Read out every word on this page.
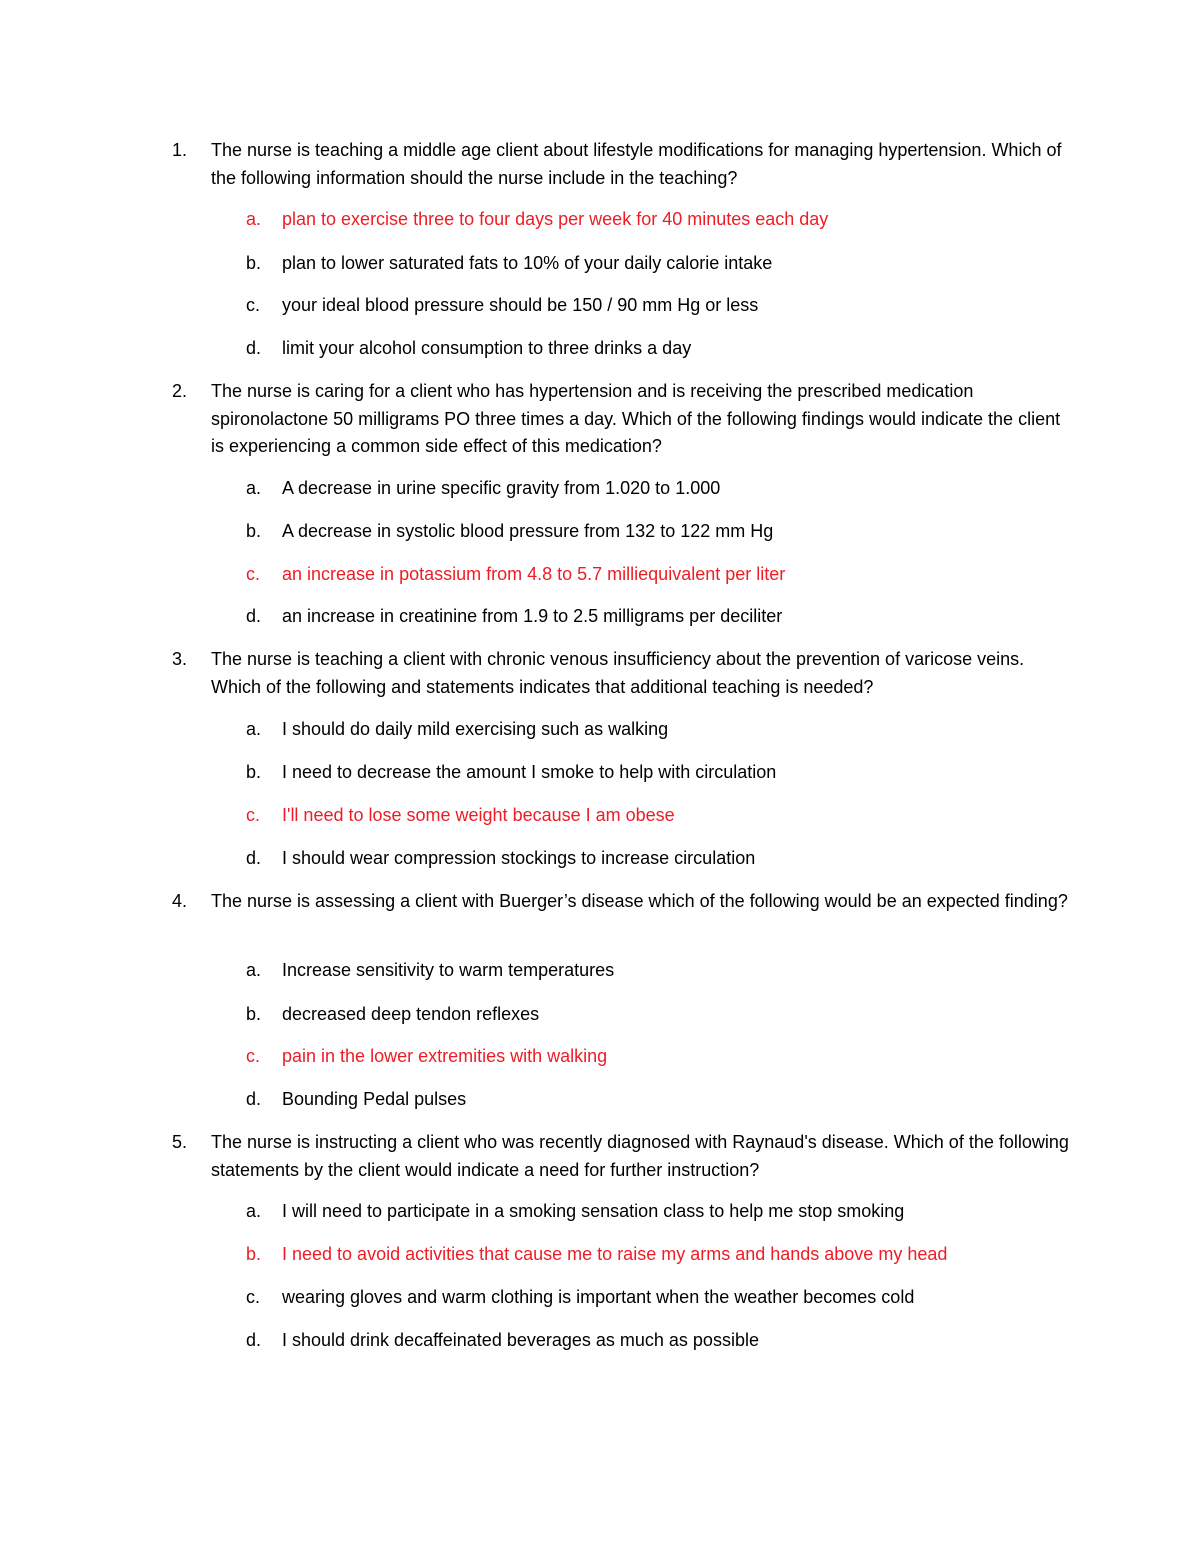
1.	The nurse is teaching a middle age client about lifestyle modifications for managing hypertension. Which of the following information should the nurse include in the teaching?
a.	plan to exercise three to four days per week for 40 minutes each day
b.	plan to lower saturated fats to 10% of your daily calorie intake
c.	your ideal blood pressure should be 150 / 90 mm Hg or less
d.	limit your alcohol consumption to three drinks a day
2.	The nurse is caring for a client who has hypertension and is receiving the prescribed medication spironolactone 50 milligrams PO three times a day. Which of the following findings would indicate the client is experiencing a common side effect of this medication?
a.	A decrease in urine specific gravity from 1.020 to 1.000
b.	A decrease in systolic blood pressure from 132 to 122 mm Hg
c.	an increase in potassium from 4.8 to 5.7 milliequivalent per liter
d.	an increase in creatinine from 1.9 to 2.5 milligrams per deciliter
3.	The nurse is teaching a client with chronic venous insufficiency about the prevention of varicose veins. Which of the following and statements indicates that additional teaching is needed?
a.	I should do daily mild exercising such as walking
b.	I need to decrease the amount I smoke to help with circulation
c.	I'll need to lose some weight because I am obese
d.	I should wear compression stockings to increase circulation
4.	The nurse is assessing a client with Buerger’s disease which of the following would be an expected finding?
a.	Increase sensitivity to warm temperatures
b.	decreased deep tendon reflexes
c.	pain in the lower extremities with walking
d.	Bounding Pedal pulses
5.	The nurse is instructing a client who was recently diagnosed with Raynaud's disease. Which of the following statements by the client would indicate a need for further instruction?
a.	I will need to participate in a smoking sensation class to help me stop smoking
b.	I need to avoid activities that cause me to raise my arms and hands above my head
c.	wearing gloves and warm clothing is important when the weather becomes cold
d.	I should drink decaffeinated beverages as much as possible
